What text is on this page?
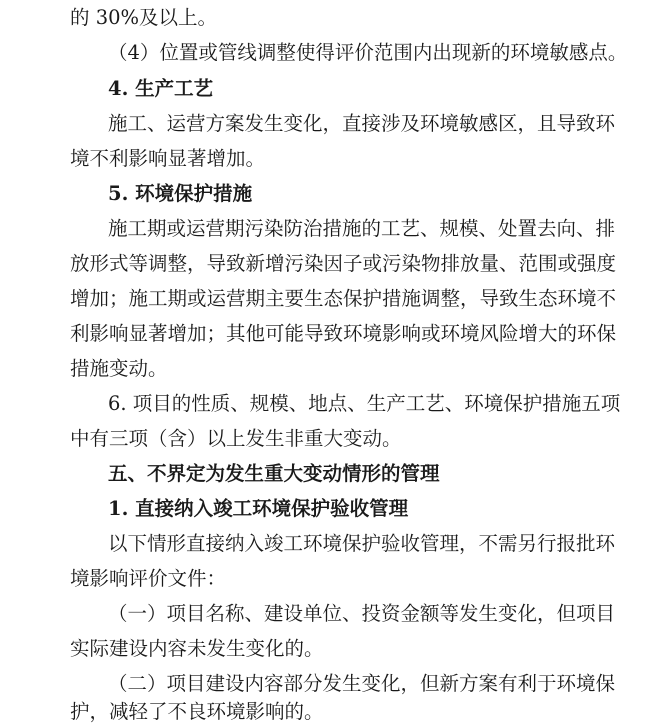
的 30%及以上。
（4）位置或管线调整使得评价范围内出现新的环境敏感点。
4. 生产工艺
施工、运营方案发生变化，直接涉及环境敏感区，且导致环
境不利影响显著增加。
5. 环境保护措施
施工期或运营期污染防治措施的工艺、规模、处置去向、排
放形式等调整，导致新增污染因子或污染物排放量、范围或强度
增加；施工期或运营期主要生态保护措施调整，导致生态环境不
利影响显著增加；其他可能导致环境影响或环境风险增大的环保
措施变动。
6. 项目的性质、规模、地点、生产工艺、环境保护措施五项
中有三项（含）以上发生非重大变动。
五、不界定为发生重大变动情形的管理
1. 直接纳入竣工环境保护验收管理
以下情形直接纳入竣工环境保护验收管理，不需另行报批环
境影响评价文件：
（一）项目名称、建设单位、投资金额等发生变化，但项目
实际建设内容未发生变化的。
（二）项目建设内容部分发生变化，但新方案有利于环境保
护，减轻了不良环境影响的。
